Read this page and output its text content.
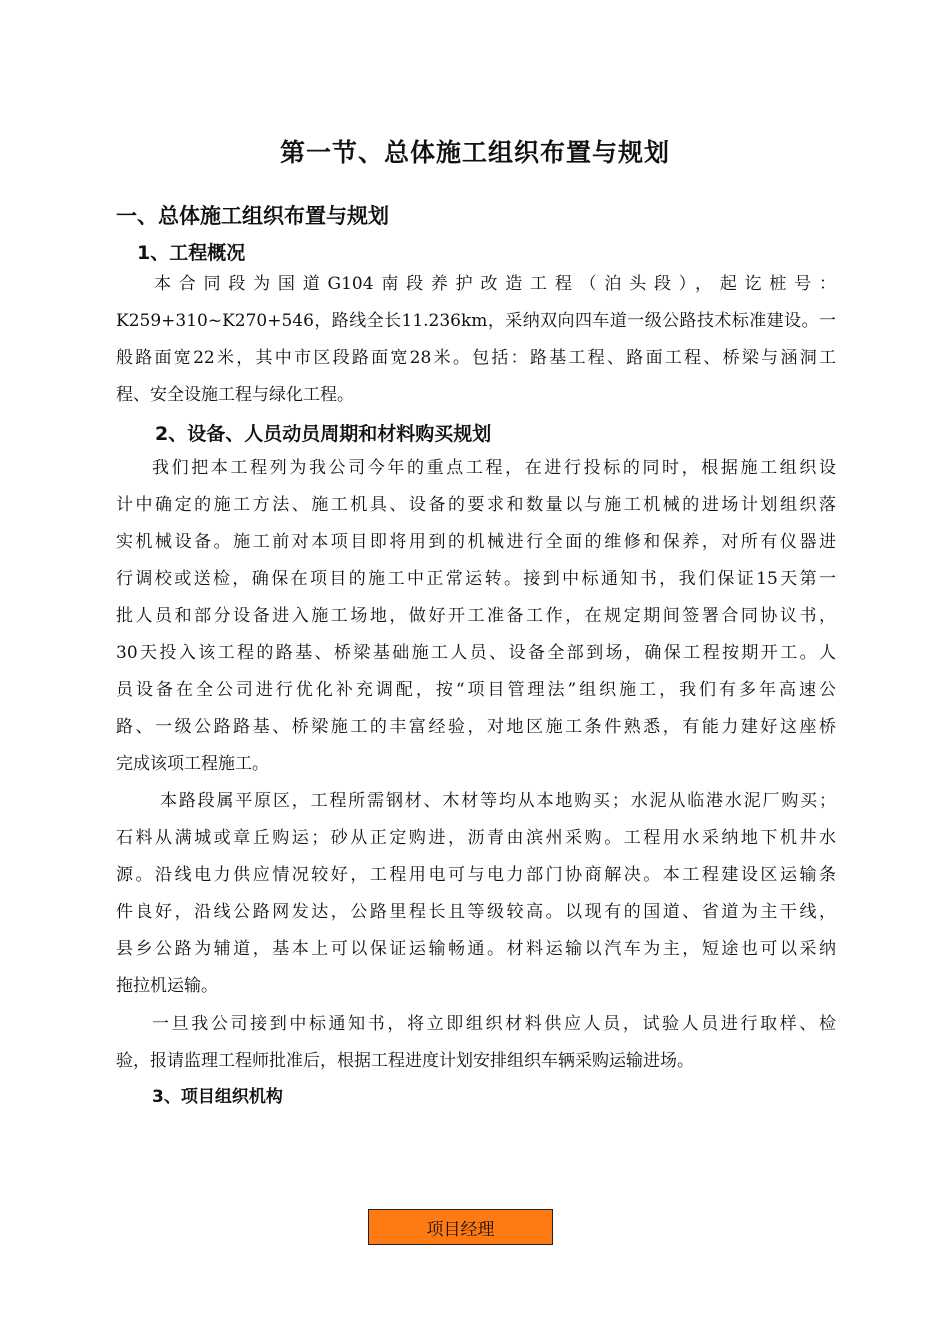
第一节、总体施工组织布置与规划
一、总体施工组织布置与规划
1、工程概况
本合同段为国道G104南段养护改造工程（泊头段），起讫桩号：
K259+310~K270+546，路线全长11.236km，采纳双向四车道一级公路技术标准建设。一
般路面宽22米，其中市区段路面宽28米。包括：路基工程、路面工程、桥梁与涵洞工
程、安全设施工程与绿化工程。
2、设备、人员动员周期和材料购买规划
我们把本工程列为我公司今年的重点工程，在进行投标的同时，根据施工组织设
计中确定的施工方法、施工机具、设备的要求和数量以与施工机械的进场计划组织落
实机械设备。施工前对本项目即将用到的机械进行全面的维修和保养，对所有仪器进
行调校或送检，确保在项目的施工中正常运转。接到中标通知书，我们保证15天第一
批人员和部分设备进入施工场地，做好开工准备工作，在规定期间签署合同协议书，
30天投入该工程的路基、桥梁基础施工人员、设备全部到场，确保工程按期开工。人
员设备在全公司进行优化补充调配，按“项目管理法”组织施工，我们有多年高速公
路、一级公路路基、桥梁施工的丰富经验，对地区施工条件熟悉，有能力建好这座桥
完成该项工程施工。
本路段属平原区，工程所需钢材、木材等均从本地购买；水泥从临港水泥厂购买；
石料从满城或章丘购运；砂从正定购进，沥青由滨州采购。工程用水采纳地下机井水
源。沿线电力供应情况较好，工程用电可与电力部门协商解决。本工程建设区运输条
件良好，沿线公路网发达，公路里程长且等级较高。以现有的国道、省道为主干线，
县乡公路为辅道，基本上可以保证运输畅通。材料运输以汽车为主，短途也可以采纳
拖拉机运输。
一旦我公司接到中标通知书，将立即组织材料供应人员，试验人员进行取样、检
验，报请监理工程师批准后，根据工程进度计划安排组织车辆采购运输进场。
3、项目组织机构
项目经理
